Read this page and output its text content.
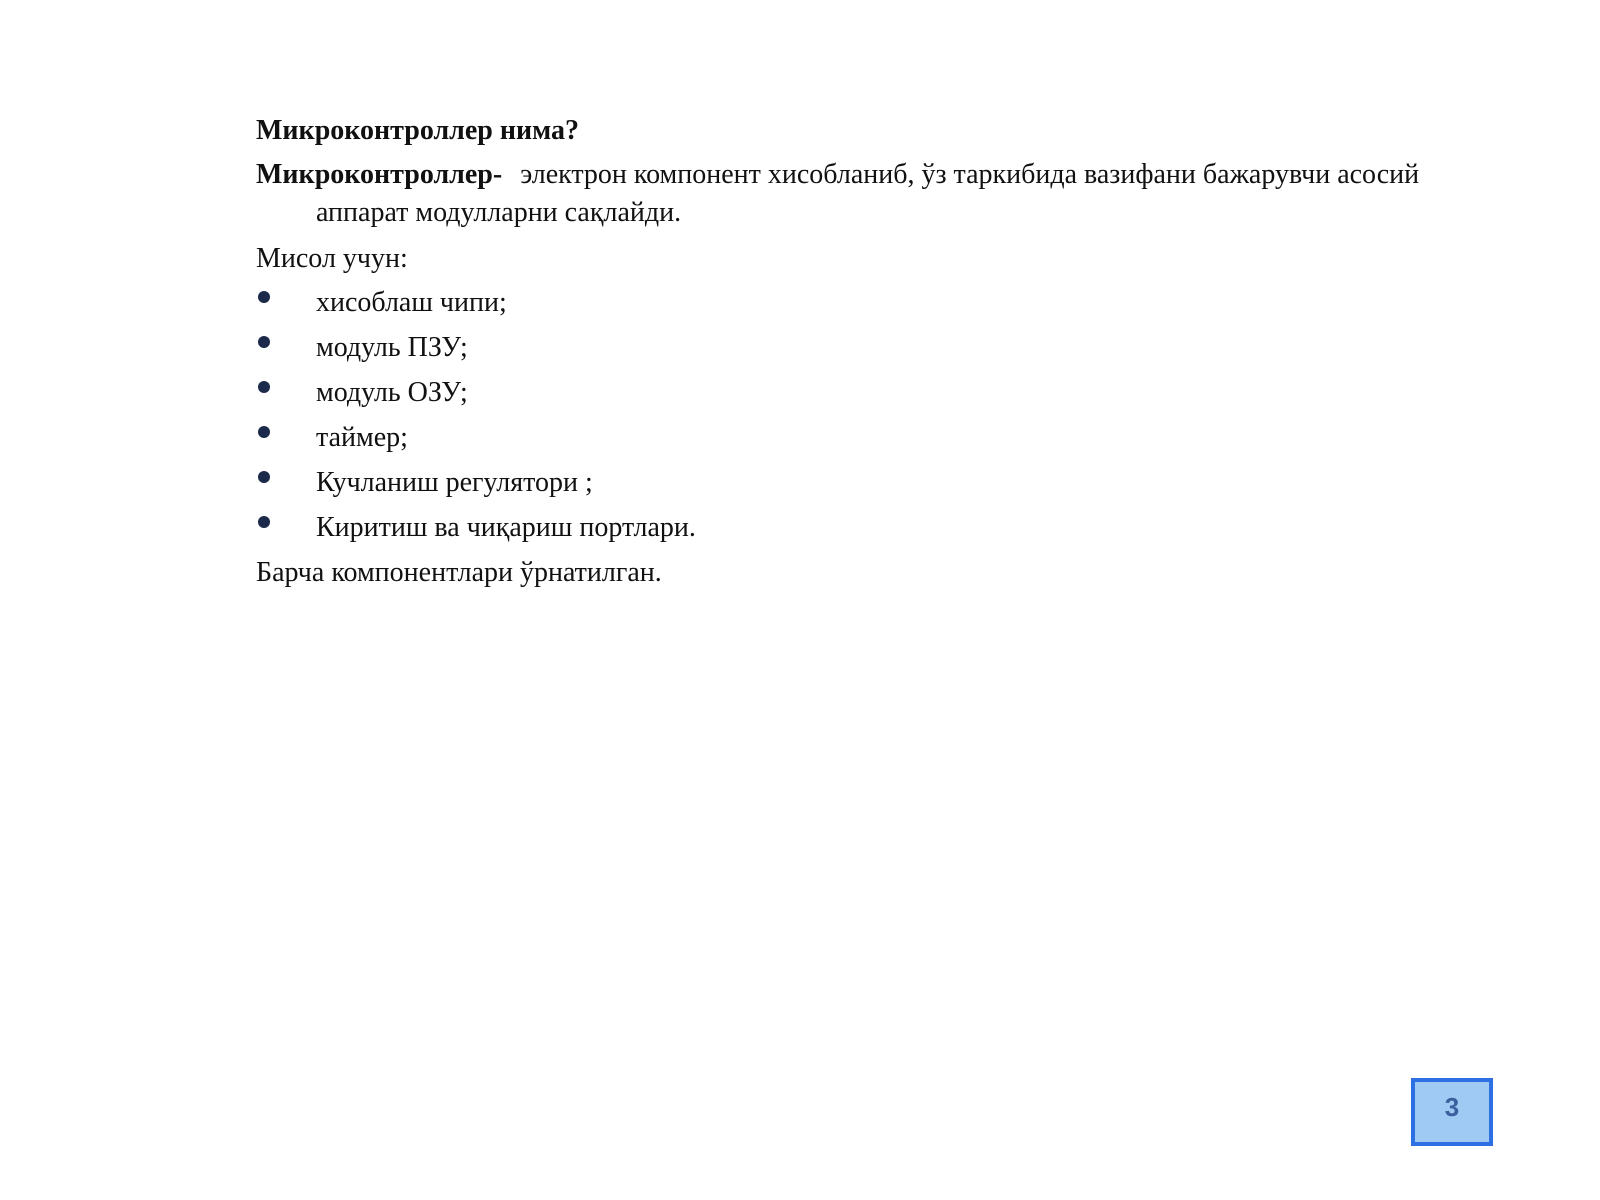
Микроконтроллер нима?
Микроконтроллер- электрон компонент хисобланиб, ўз таркибида вазифани бажарувчи асосий аппарат модулларни сақлайди.
Мисол учун:
хисоблаш чипи;
модуль ПЗУ;
модуль ОЗУ;
таймер;
Кучланиш регулятори ;
Киритиш ва чиқариш портлари.
Барча компонентлари ўрнатилган.
3
